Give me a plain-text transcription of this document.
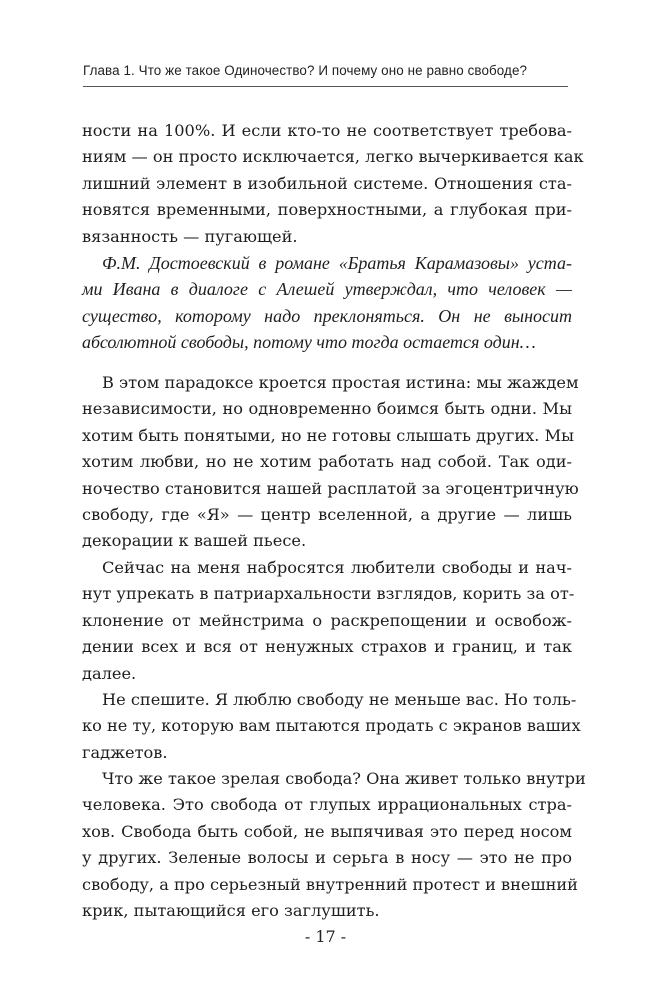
Глава 1. Что же такое Одиночество? И почему оно не равно свободе?
ности на 100%. И если кто-то не соответствует требова-
ниям — он просто исключается, легко вычеркивается как
лишний элемент в изобильной системе. Отношения ста-
новятся временными, поверхностными, а глубокая при-
вязанность — пугающей.
Ф.М. Достоевский в романе «Братья Карамазовы» уста-
ми Ивана в диалоге с Алешей утверждал, что человек —
существо, которому надо преклоняться. Он не выносит
абсолютной свободы, потому что тогда остается один…
В этом парадоксе кроется простая истина: мы жаждем
независимости, но одновременно боимся быть одни. Мы
хотим быть понятыми, но не готовы слышать других. Мы
хотим любви, но не хотим работать над собой. Так оди-
ночество становится нашей расплатой за эгоцентричную
свободу, где «Я» — центр вселенной, а другие — лишь
декорации к вашей пьесе.
Сейчас на меня набросятся любители свободы и нач-
нут упрекать в патриархальности взглядов, корить за от-
клонение от мейнстрима о раскрепощении и освобож-
дении всех и вся от ненужных страхов и границ, и так
далее.
Не спешите. Я люблю свободу не меньше вас. Но толь-
ко не ту, которую вам пытаются продать с экранов ваших
гаджетов.
Что же такое зрелая свобода? Она живет только внутри
человека. Это свобода от глупых иррациональных стра-
хов. Свобода быть собой, не выпячивая это перед носом
у других. Зеленые волосы и серьга в носу — это не про
свободу, а про серьезный внутренний протест и внешний
крик, пытающийся его заглушить.
- 17 -
